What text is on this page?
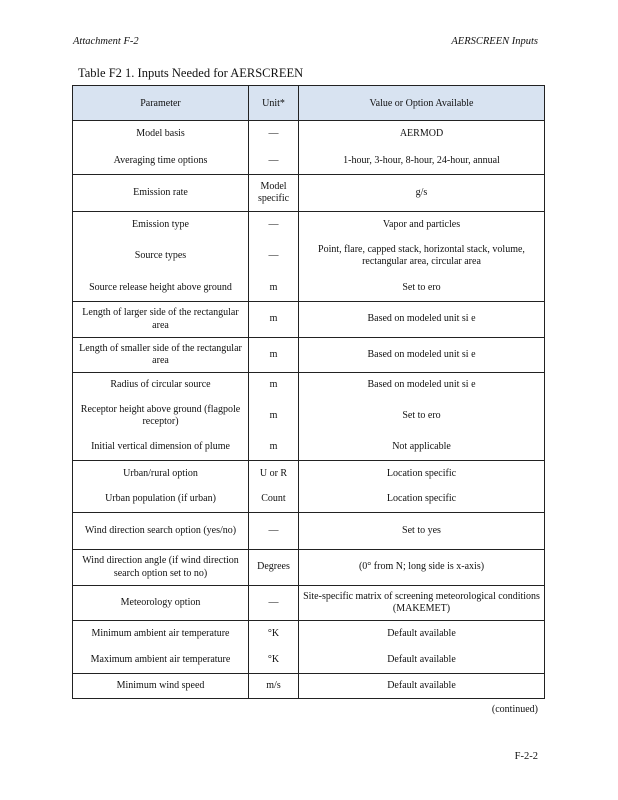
Attachment F-2	AERSCREEN Inputs
Table F2 1. Inputs Needed for AERSCREEN
Parameter	Unit*	Value or Option Available
Model basis	—	AERMOD
Averaging time options	—	1-hour, 3-hour, 8-hour, 24-hour, annual
Emission rate	Model specific	g/s
Emission type	—	Vapor and particles
Source types	—	Point, flare, capped stack, horizontal stack, volume, rectangular area, circular area
Source release height above ground	m	Set to ero
Length of larger side of the rectangular area	m	Based on modeled unit si e
Length of smaller side of the rectangular area	m	Based on modeled unit si e
Radius of circular source	m	Based on modeled unit si e
Receptor height above ground (flagpole receptor)	m	Set to ero
Initial vertical dimension of plume	m	Not applicable
Urban/rural option	U or R	Location specific
Urban population (if urban)	Count	Location specific
Wind direction search option (yes/no)	—	Set to yes
Wind direction angle (if wind direction search option set to no)	Degrees	(0° from N; long side is x-axis)
Meteorology option	—	Site-specific matrix of screening meteorological conditions (MAKEMET)
Minimum ambient air temperature	°K	Default available
Maximum ambient air temperature	°K	Default available
Minimum wind speed	m/s	Default available
(continued)
F-2-2
